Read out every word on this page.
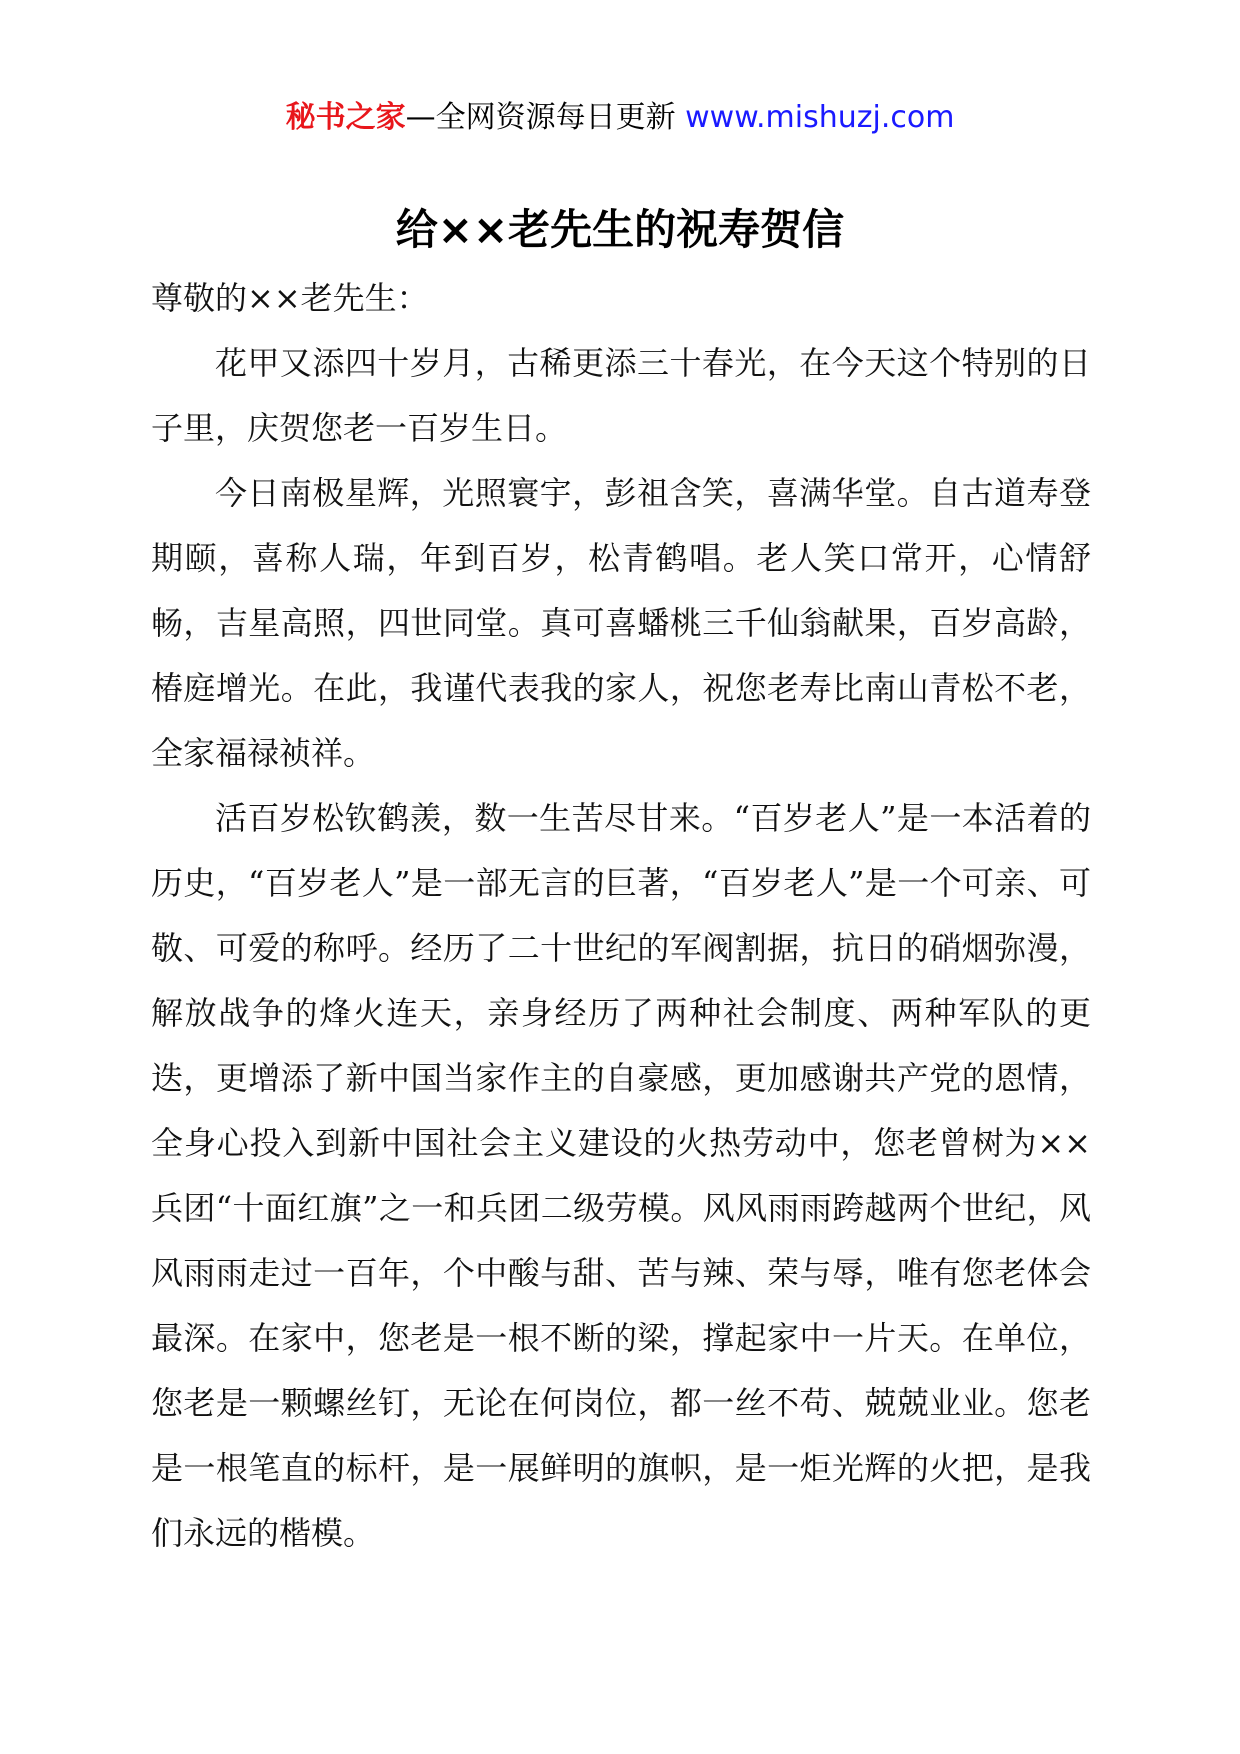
秘书之家—全网资源每日更新 www.mishuzj.com
给××老先生的祝寿贺信

尊敬的××老先生：

花甲又添四十岁月，古稀更添三十春光，在今天这个特别的日子里，庆贺您老一百岁生日。

今日南极星辉，光照寰宇，彭祖含笑，喜满华堂。自古道寿登期颐，喜称人瑞，年到百岁，松青鹤唱。老人笑口常开，心情舒畅，吉星高照，四世同堂。真可喜蟠桃三千仙翁献果，百岁高龄，椿庭增光。在此，我谨代表我的家人，祝您老寿比南山青松不老，全家福禄祯祥。

活百岁松钦鹤羡，数一生苦尽甘来。“百岁老人”是一本活着的历史，“百岁老人”是一部无言的巨著，“百岁老人”是一个可亲、可敬、可爱的称呼。经历了二十世纪的军阀割据，抗日的硝烟弥漫，解放战争的烽火连天，亲身经历了两种社会制度、两种军队的更迭，更增添了新中国当家作主的自豪感，更加感谢共产党的恩情，全身心投入到新中国社会主义建设的火热劳动中，您老曾树为××兵团“十面红旗”之一和兵团二级劳模。风风雨雨跨越两个世纪，风风雨雨走过一百年，个中酸与甜、苦与辣、荣与辱，唯有您老体会最深。在家中，您老是一根不断的梁，撑起家中一片天。在单位，您老是一颗螺丝钉，无论在何岗位，都一丝不苟、兢兢业业。您老是一根笔直的标杆，是一展鲜明的旗帜，是一炬光辉的火把，是我们永远的楷模。
